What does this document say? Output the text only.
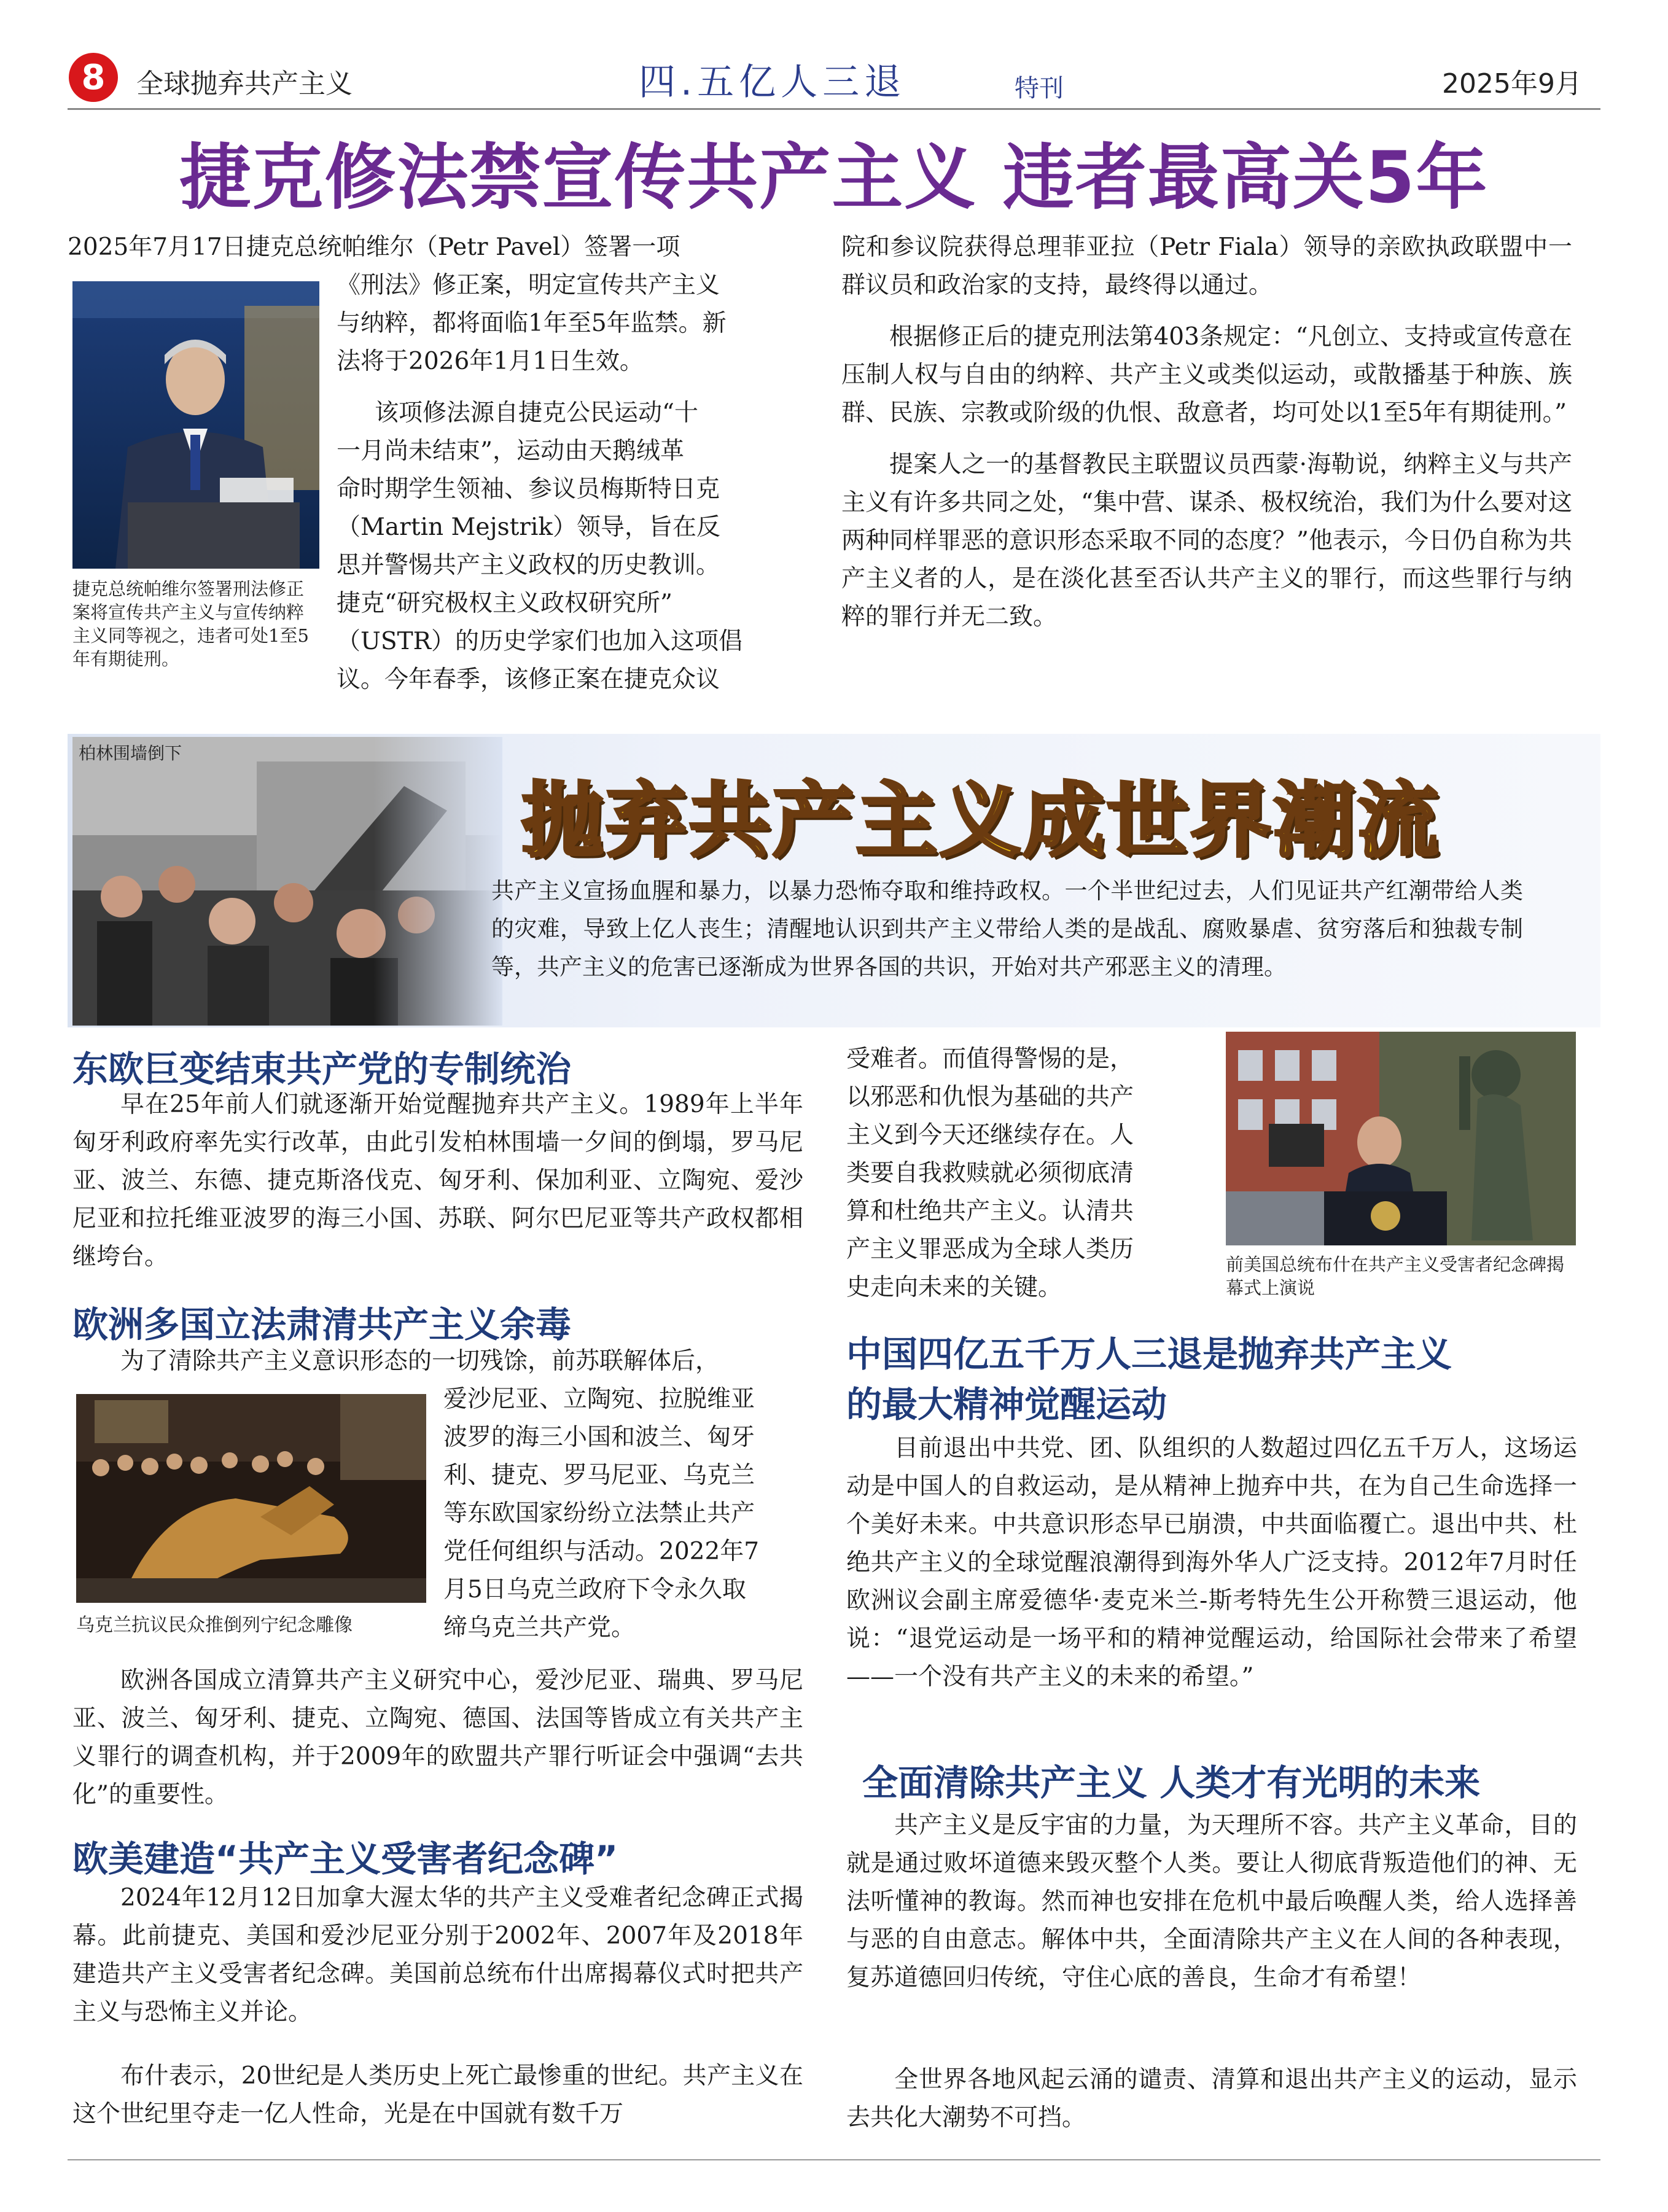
8	全球抛弃共产主义	四.五亿人三退	特刊	2025年9月
捷克修法禁宣传共产主义 违者最高关5年
2025年7月17日捷克总统帕维尔（Petr Pavel）签署一项
捷克总统帕维尔签署刑法修正案将宣传共产主义与宣传纳粹主义同等视之，违者可处1至5年有期徒刑。
《刑法》修正案，明定宣传共产主义
与纳粹，都将面临1年至5年监禁。新
法将于2026年1月1日生效。
该项修法源自捷克公民运动“十
一月尚未结束”，运动由天鹅绒革
命时期学生领袖、参议员梅斯特日克
（Martin Mejstrik）领导，旨在反
思并警惕共产主义政权的历史教训。
捷克“研究极权主义政权研究所”
（USTR）的历史学家们也加入这项倡
议。今年春季，该修正案在捷克众议

院和参议院获得总理菲亚拉（Petr Fiala）领导的亲欧执政联盟中一群议员和政治家的支持，最终得以通过。

根据修正后的捷克刑法第403条规定：“凡创立、支持或宣传意在压制人权与自由的纳粹、共产主义或类似运动，或散播基于种族、族群、民族、宗教或阶级的仇恨、敌意者，均可处以1至5年有期徒刑。”

提案人之一的基督教民主联盟议员西蒙·海勒说，纳粹主义与共产主义有许多共同之处，“集中营、谋杀、极权统治，我们为什么要对这两种同样罪恶的意识形态采取不同的态度？”他表示，今日仍自称为共产主义者的人，是在淡化甚至否认共产主义的罪行，而这些罪行与纳粹的罪行并无二致。

柏林围墙倒下
抛弃共产主义成世界潮流
共产主义宣扬血腥和暴力，以暴力恐怖夺取和维持政权。一个半世纪过去，人们见证共产红潮带给人类的灾难，导致上亿人丧生；清醒地认识到共产主义带给人类的是战乱、腐败暴虐、贫穷落后和独裁专制等，共产主义的危害已逐渐成为世界各国的共识，开始对共产邪恶主义的清理。
东欧巨变结束共产党的专制统治
早在25年前人们就逐渐开始觉醒抛弃共产主义。1989年上半年匈牙利政府率先实行改革，由此引发柏林围墙一夕间的倒塌，罗马尼亚、波兰、东德、捷克斯洛伐克、匈牙利、保加利亚、立陶宛、爱沙尼亚和拉托维亚波罗的海三小国、苏联、阿尔巴尼亚等共产政权都相继垮台。
欧洲多国立法肃清共产主义余毒
为了清除共产主义意识形态的一切残馀，前苏联解体后，
乌克兰抗议民众推倒列宁纪念雕像
爱沙尼亚、立陶宛、拉脱维亚
波罗的海三小国和波兰、匈牙
利、捷克、罗马尼亚、乌克兰
等东欧国家纷纷立法禁止共产
党任何组织与活动。2022年7
月5日乌克兰政府下令永久取
缔乌克兰共产党。
欧洲各国成立清算共产主义研究中心，爱沙尼亚、瑞典、罗马尼亚、波兰、匈牙利、捷克、立陶宛、德国、法国等皆成立有关共产主义罪行的调查机构，并于2009年的欧盟共产罪行听证会中强调“去共化”的重要性。
欧美建造“共产主义受害者纪念碑”
2024年12月12日加拿大渥太华的共产主义受难者纪念碑正式揭幕。此前捷克、美国和爱沙尼亚分别于2002年、2007年及2018年建造共产主义受害者纪念碑。美国前总统布什出席揭幕仪式时把共产主义与恐怖主义并论。
布什表示，20世纪是人类历史上死亡最惨重的世纪。共产主义在这个世纪里夺走一亿人性命，光是在中国就有数千万
受难者。而值得警惕的是，
以邪恶和仇恨为基础的共产
主义到今天还继续存在。人
类要自我救赎就必须彻底清
算和杜绝共产主义。认清共
产主义罪恶成为全球人类历
史走向未来的关键。
前美国总统布什在共产主义受害者纪念碑揭幕式上演说
中国四亿五千万人三退是抛弃共产主义
的最大精神觉醒运动
目前退出中共党、团、队组织的人数超过四亿五千万人，这场运动是中国人的自救运动，是从精神上抛弃中共，在为自己生命选择一个美好未来。中共意识形态早已崩溃，中共面临覆亡。退出中共、杜绝共产主义的全球觉醒浪潮得到海外华人广泛支持。2012年7月时任欧洲议会副主席爱德华·麦克米兰-斯考特先生公开称赞三退运动，他说：“退党运动是一场平和的精神觉醒运动，给国际社会带来了希望——一个没有共产主义的未来的希望。”
全面清除共产主义 人类才有光明的未来
共产主义是反宇宙的力量，为天理所不容。共产主义革命，目的就是通过败坏道德来毁灭整个人类。要让人彻底背叛造他们的神、无法听懂神的教诲。然而神也安排在危机中最后唤醒人类，给人选择善与恶的自由意志。解体中共，全面清除共产主义在人间的各种表现，复苏道德回归传统，守住心底的善良，生命才有希望！
全世界各地风起云涌的谴责、清算和退出共产主义的运动，显示去共化大潮势不可挡。
